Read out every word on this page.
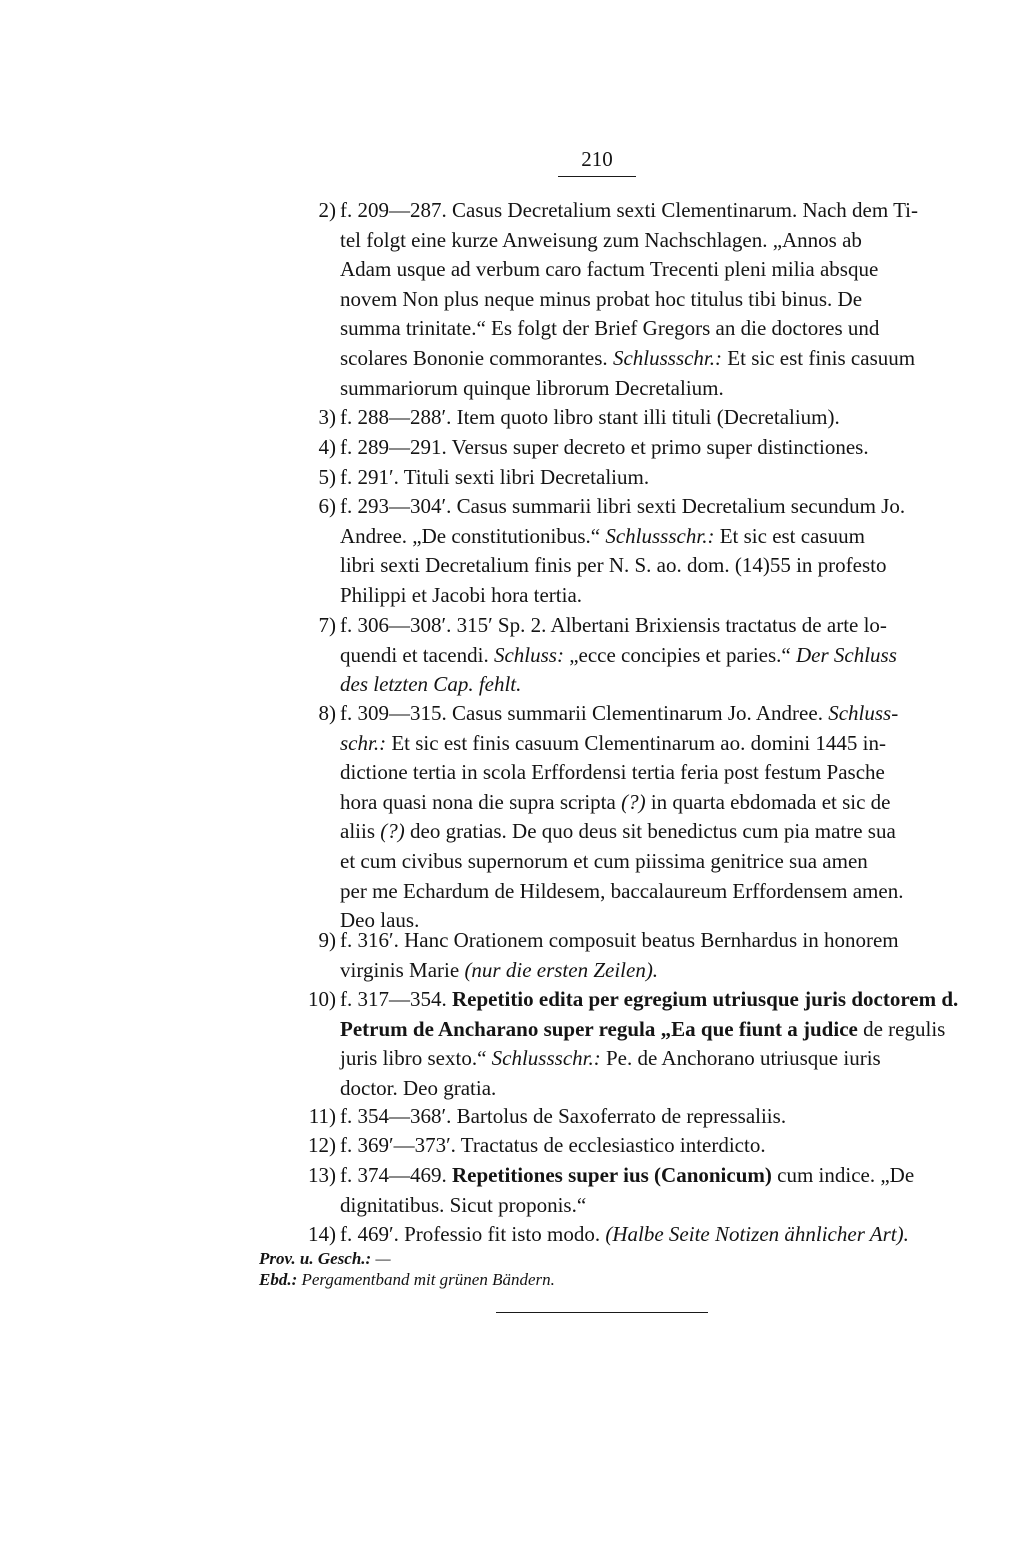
210
2) f. 209—287. Casus Decretalium sexti Clementinarum. Nach dem Ti-

tel folgt eine kurze Anweisung zum Nachschlagen. „Annos ab

Adam usque ad verbum caro factum Trecenti pleni milia absque

novem Non plus neque minus probat hoc titulus tibi binus. De

summa trinitate.“ Es folgt der Brief Gregors an die doctores und

scolares Bononie commorantes. Schlussschr.: Et sic est finis casuum

summariorum quinque librorum Decretalium.

3) f. 288—288′. Item quoto libro stant illi tituli (Decretalium).

4) f. 289—291. Versus super decreto et primo super distinctiones.

5) f. 291′. Tituli sexti libri Decretalium.

6) f. 293—304′. Casus summarii libri sexti Decretalium secundum Jo.

Andree. „De constitutionibus.“ Schlussschr.: Et sic est casuum

libri sexti Decretalium finis per N. S. ao. dom. (14)55 in profesto

Philippi et Jacobi hora tertia.

7) f. 306—308′. 315′ Sp. 2. Albertani Brixiensis tractatus de arte lo-

quendi et tacendi. Schluss: „ecce concipies et paries.“ Der Schluss

des letzten Cap. fehlt.

8) f. 309—315. Casus summarii Clementinarum Jo. Andree. Schluss-

schr.: Et sic est finis casuum Clementinarum ao. domini 1445 in-

dictione tertia in scola Erffordensi tertia feria post festum Pasche

hora quasi nona die supra scripta (?) in quarta ebdomada et sic de

aliis (?) deo gratias. De quo deus sit benedictus cum pia matre sua

et cum civibus supernorum et cum piissima genitrice sua amen

per me Echardum de Hildesem, baccalaureum Erffordensem amen.

Deo laus.

9) f. 316′. Hanc Orationem composuit beatus Bernhardus in honorem

virginis Marie (nur die ersten Zeilen).

10) f. 317—354. Repetitio edita per egregium utriusque juris doctorem d.

Petrum de Ancharano super regula „Ea que fiunt a judice de regulis

juris libro sexto.“ Schlussschr.: Pe. de Anchorano utriusque iuris

doctor. Deo gratia.

11) f. 354—368′. Bartolus de Saxoferrato de repressaliis.

12) f. 369′—373′. Tractatus de ecclesiastico interdicto.

13) f. 374—469. Repetitiones super ius (Canonicum) cum indice. „De

dignitatibus. Sicut proponis.“

14) f. 469′. Professio fit isto modo. (Halbe Seite Notizen ähnlicher Art).

Prov. u. Gesch.: —
Ebd.: Pergamentband mit grünen Bändern.
